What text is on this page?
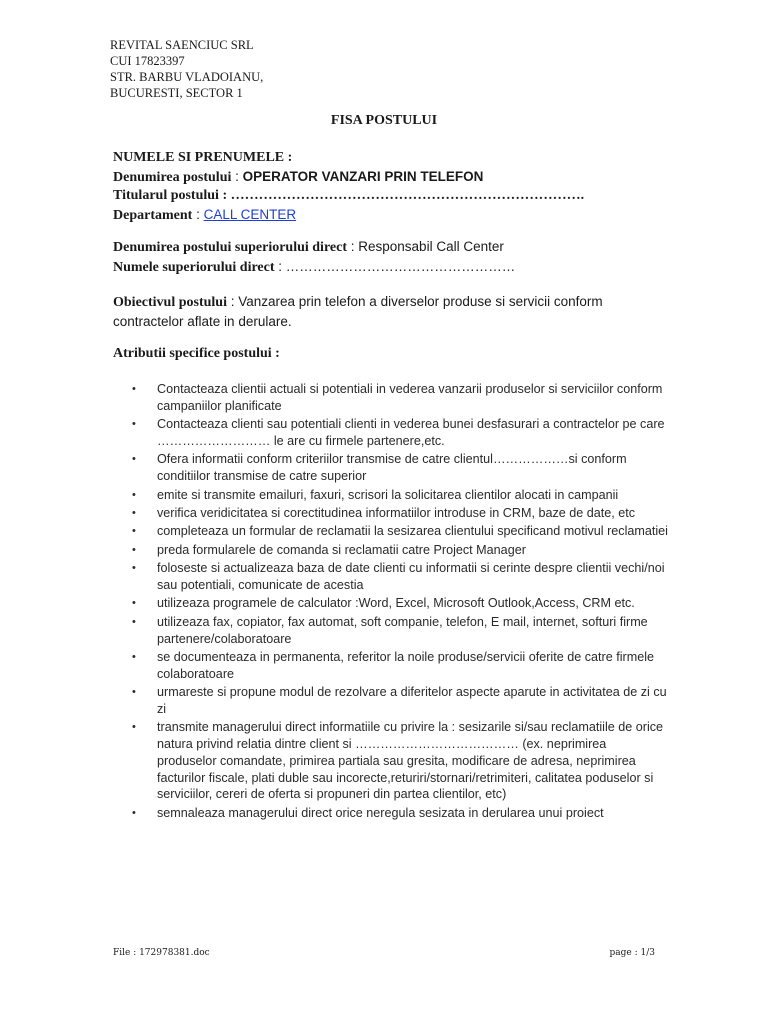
REVITAL SAENCIUC SRL
CUI 17823397
STR. BARBU VLADOIANU,
BUCURESTI, SECTOR 1
FISA POSTULUI
NUMELE SI PRENUMELE :
Denumirea postului : OPERATOR VANZARI PRIN TELEFON
Titularul postului : ………………………………………………………………….
Departament : CALL CENTER
Denumirea postului superiorului direct : Responsabil Call Center
Numele superiorului direct : ……………………………………………
Obiectivul postului : Vanzarea prin telefon a diverselor produse si servicii conform contractelor aflate in derulare.
Atributii specifice postului :
• Contacteaza clientii actuali si potentiali in vederea vanzarii produselor si serviciilor conform campaniilor planificate
• Contacteaza clienti sau potentiali clienti in vederea bunei desfasurari a contractelor pe care ……………………… le are cu firmele partenere,etc.
• Ofera informatii conform criteriilor transmise de catre clientul………………si conform conditiilor transmise de catre superior
• emite si transmite emailuri, faxuri, scrisori la solicitarea clientilor alocati in campanii
• verifica veridicitatea si corectitudinea informatiilor introduse in CRM, baze de date, etc
• completeaza un formular de reclamatii la sesizarea clientului specificand motivul reclamatiei
• preda formularele de comanda si reclamatii catre Project Manager
• foloseste si actualizeaza baza de date clienti cu informatii si cerinte despre clientii vechi/noi sau potentiali, comunicate de acestia
• utilizeaza programele de calculator :Word, Excel, Microsoft Outlook,Access, CRM etc.
• utilizeaza fax, copiator, fax automat, soft companie, telefon, E mail, internet, softuri firme partenere/colaboratoare
• se documenteaza in permanenta, referitor la noile produse/servicii oferite de catre firmele colaboratoare
• urmareste si propune modul de rezolvare a diferitelor aspecte aparute in activitatea de zi cu zi
• transmite managerului direct informatiile cu privire la : sesizarile si/sau reclamatiile de orice natura privind relatia dintre client si ………………………………… (ex. neprimirea produselor comandate, primirea partiala sau gresita, modificare de adresa, neprimirea facturilor fiscale, plati duble sau incorecte,returiri/stornari/retrimiteri, calitatea poduselor si serviciilor, cereri de oferta si propuneri din partea clientilor, etc)
• semnaleaza managerului direct orice neregula sesizata in derularea unui proiect
File : 172978381.doc	page : 1/3
